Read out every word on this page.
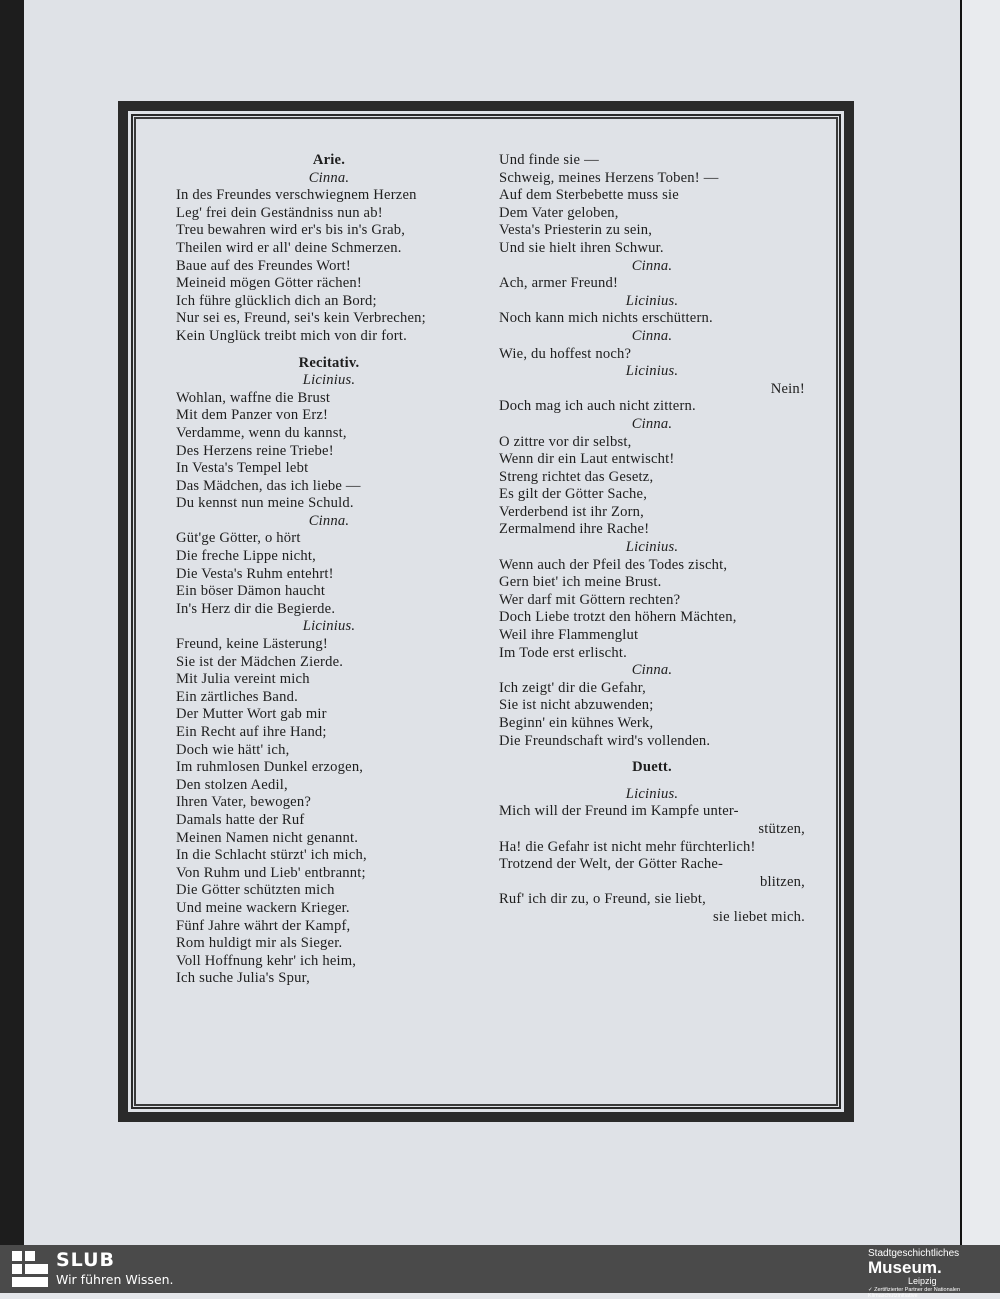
Arie.
Cinna.
In des Freundes verschwiegnem Herzen
Leg' frei dein Geständniss nun ab!
Treu bewahren wird er's bis in's Grab,
Theilen wird er all' deine Schmerzen.
Baue auf des Freundes Wort!
Meineid mögen Götter rächen!
Ich führe glücklich dich an Bord;
Nur sei es, Freund, sei's kein Verbrechen;
Kein Unglück treibt mich von dir fort.
Recitativ.
Licinius.
Wohlan, waffne die Brust
Mit dem Panzer von Erz!
Verdamme, wenn du kannst,
Des Herzens reine Triebe!
In Vesta's Tempel lebt
Das Mädchen, das ich liebe —
Du kennst nun meine Schuld.
Cinna.
Güt'ge Götter, o hört
Die freche Lippe nicht,
Die Vesta's Ruhm entehrt!
Ein böser Dämon haucht
In's Herz dir die Begierde.
Licinius.
Freund, keine Lästerung!
Sie ist der Mädchen Zierde.
Mit Julia vereint mich
Ein zärtliches Band.
Der Mutter Wort gab mir
Ein Recht auf ihre Hand;
Doch wie hätt' ich,
Im ruhmlosen Dunkel erzogen,
Den stolzen Aedil,
Ihren Vater, bewogen?
Damals hatte der Ruf
Meinen Namen nicht genannt.
In die Schlacht stürzt' ich mich,
Von Ruhm und Lieb' entbrannt;
Die Götter schützten mich
Und meine wackern Krieger.
Fünf Jahre währt der Kampf,
Rom huldigt mir als Sieger.
Voll Hoffnung kehr' ich heim,
Ich suche Julia's Spur,
Und finde sie —
Schweig, meines Herzens Toben! —
Auf dem Sterbebette muss sie
Dem Vater geloben,
Vesta's Priesterin zu sein,
Und sie hielt ihren Schwur.
Cinna.
Ach, armer Freund!
Licinius.
Noch kann mich nichts erschüttern.
Cinna.
Wie, du hoffest noch?
Licinius.
Nein!
Doch mag ich auch nicht zittern.
Cinna.
O zittre vor dir selbst,
Wenn dir ein Laut entwischt!
Streng richtet das Gesetz,
Es gilt der Götter Sache,
Verderbend ist ihr Zorn,
Zermalmend ihre Rache!
Licinius.
Wenn auch der Pfeil des Todes zischt,
Gern biet' ich meine Brust.
Wer darf mit Göttern rechten?
Doch Liebe trotzt den höhern Mächten,
Weil ihre Flammenglut
Im Tode erst erlischt.
Cinna.
Ich zeigt' dir die Gefahr,
Sie ist nicht abzuwenden;
Beginn' ein kühnes Werk,
Die Freundschaft wird's vollenden.
Duett.
Licinius.
Mich will der Freund im Kampfe unter-
stützen,
Ha! die Gefahr ist nicht mehr fürchterlich!
Trotzend der Welt, der Götter Rache-
blitzen,
Ruf' ich dir zu, o Freund, sie liebt,
sie liebet mich.
SLUB
Wir führen Wissen.
Stadtgeschichtliches
Museum.
Leipzig
✓ Zertifizierter Partner der Nationalen Klimaschutzinitiative
